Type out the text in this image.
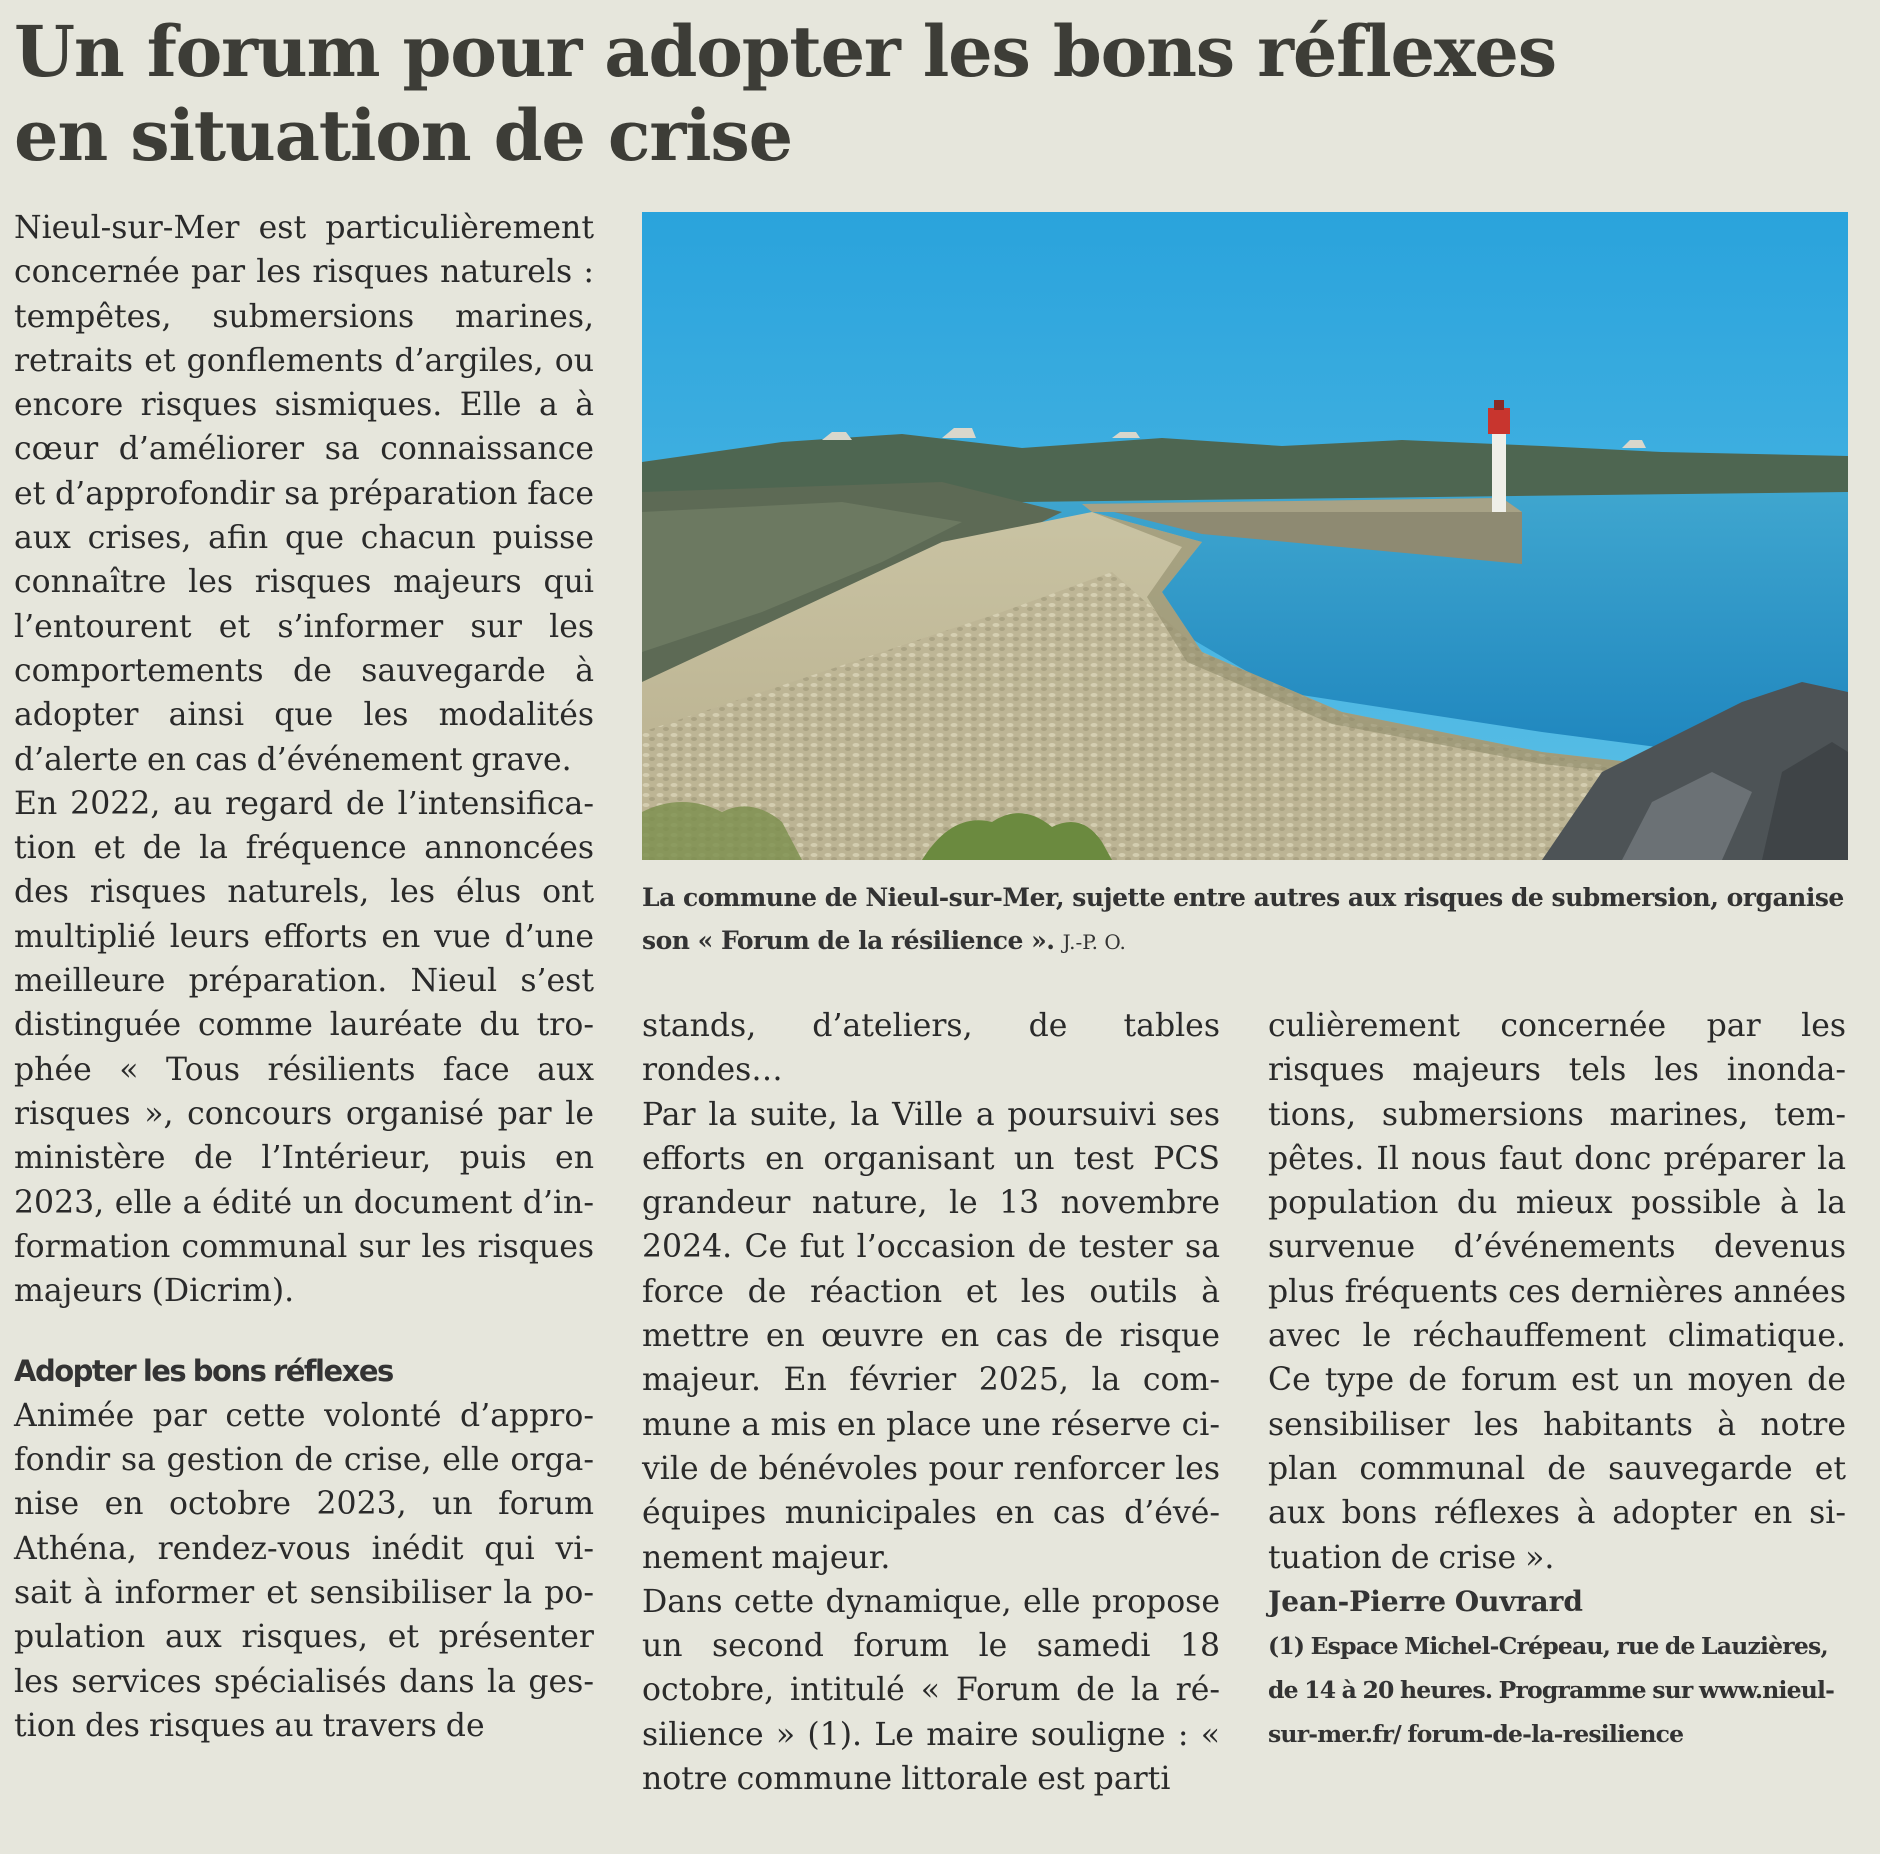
Un forum pour adopter les bons réflexes
en situation de crise

Nieul-sur-Mer est particulièrement concernée par les risques naturels : tempêtes, submersions marines, retraits et gonflements d’argiles, ou encore risques sismiques. Elle a à cœur d’améliorer sa connaissance et d’approfondir sa préparation face aux crises, afin que chacun puisse connaître les risques majeurs qui l’entourent et s’informer sur les comportements de sauvegarde à adopter ainsi que les modalités d’alerte en cas d’événement grave.

En 2022, au regard de l’intensification et de la fréquence annoncées des risques naturels, les élus ont multiplié leurs efforts en vue d’une meilleure préparation. Nieul s’est distinguée comme lauréate du trophée « Tous résilients face aux risques », concours organisé par le ministère de l’Intérieur, puis en 2023, elle a édité un document d’information communal sur les risques majeurs (Dicrim).

Adopter les bons réflexes

Animée par cette volonté d’approfondir sa gestion de crise, elle organise en octobre 2023, un forum Athéna, rendez-vous inédit qui visait à informer et sensibiliser la population aux risques, et présenter les services spécialisés dans la gestion des risques au travers de

La commune de Nieul-sur-Mer, sujette entre autres aux risques de submersion, organise son « Forum de la résilience ». J.-P. O.

stands, d’ateliers, de tables rondes…

Par la suite, la Ville a poursuivi ses efforts en organisant un test PCS grandeur nature, le 13 novembre 2024. Ce fut l’occasion de tester sa force de réaction et les outils à mettre en œuvre en cas de risque majeur. En février 2025, la commune a mis en place une réserve civile de bénévoles pour renforcer les équipes municipales en cas d’événement majeur.

Dans cette dynamique, elle propose un second forum le samedi 18 octobre, intitulé « Forum de la résilience » (1). Le maire souligne : « notre commune littorale est parti

culièrement concernée par les risques majeurs tels les inondations, submersions marines, tempêtes. Il nous faut donc préparer la population du mieux possible à la survenue d’événements devenus plus fréquents ces dernières années avec le réchauffement climatique. Ce type de forum est un moyen de sensibiliser les habitants à notre plan communal de sauvegarde et aux bons réflexes à adopter en situation de crise ».

Jean-Pierre Ouvrard

(1) Espace Michel-Crépeau, rue de Lauzières, de 14 à 20 heures. Programme sur www.nieul-sur-mer.fr/ forum-de-la-resilience
